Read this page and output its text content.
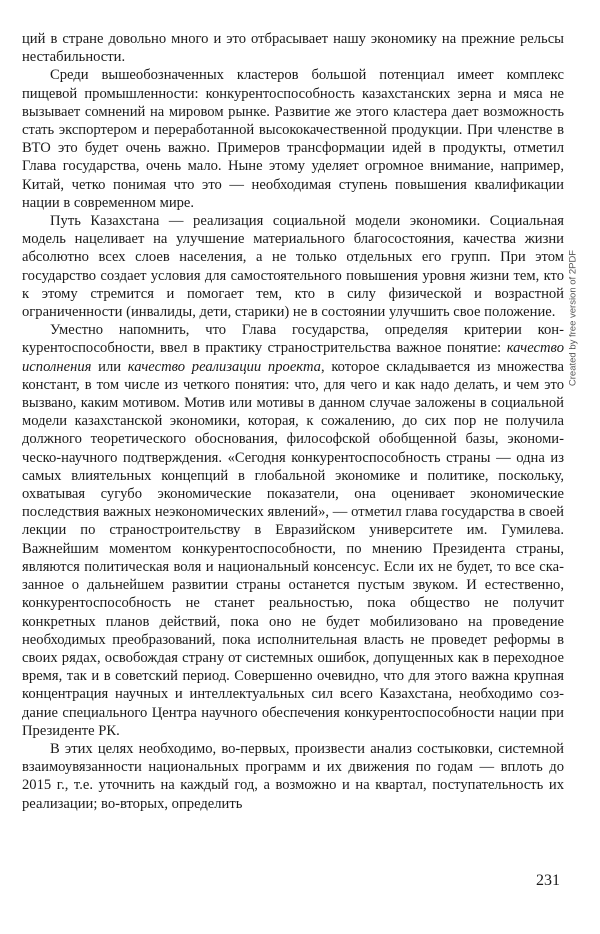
ций в стране довольно много и это отбрасывает нашу экономику на прежние рельсы нестабильности.

Среди вышеобозначенных кластеров большой потенциал имеет комплекс пищевой промышленности: конкурентоспособность казахстанских зерна и мяса не вызывает сомнений на мировом рынке. Развитие же этого кластера дает возможность стать экспортером и переработанной высококачественной продукции. При членстве в ВТО это будет очень важно. Примеров трансформации идей в продукты, отметил Глава государства, очень мало. Ныне этому уделяет огромное внимание, например, Китай, четко понимая что это — необходимая ступень повышения квалификации нации в современном мире.

Путь Казахстана — реализация социальной модели экономики. Социальная модель нацеливает на улучшение материального благосостояния, качества жизни абсолютно всех слоев населения, а не только отдельных его групп. При этом государство создает условия для самостоятельного повышения уровня жизни тем, кто к этому стремится и помогает тем, кто в силу физической и возрастной ограниченности (инвалиды, дети, старики) не в состоянии улучшить свое положение.

Уместно напомнить, что Глава государства, определяя критерии конкурентоспособности, ввел в практику странострительства важное понятие: качество исполнения или качество реализации проекта, которое складывается из множества констант, в том числе из четкого понятия: что, для чего и как надо делать, и чем это вызвано, каким мотивом. Мотив или мотивы в данном случае заложены в социальной модели казахстанской экономики, которая, к сожалению, до сих пор не получила должного теоретического обоснования, философской обобщенной базы, экономическо-научного подтверждения. «Сегодня конкурентоспособность страны — одна из самых влиятельных концепций в глобальной экономике и политике, поскольку, охватывая сугубо экономические показатели, она оценивает экономические последствия важных неэкономических явлений», — отметил глава государства в своей лекции по странострoительству в Евразийском университете им. Гумилева. Важнейшим моментом конкурентоспособности, по мнению Президента страны, являются политическая воля и национальный консенсус. Если их не будет, то все сказанное о дальнейшем развитии страны останется пустым звуком. И естественно, конкурентоспособность не станет реальностью, пока общество не получит конкретных планов действий, пока оно не будет мобилизовано на проведение необходимых преобразований, пока исполнительная власть не проведет реформы в своих рядах, освобождая страну от системных ошибок, допущенных как в переходное время, так и в советский период. Совершенно очевидно, что для этого важна крупная концентрация научных и интеллектуальных сил всего Казахстана, необходимо создание специального Центра научного обеспечения конкурентоспособности нации при Президенте РК.

В этих целях необходимо, во-первых, произвести анализ состыковки, системной взаимоувязанности национальных программ и их движения по годам — вплоть до 2015 г., т.е. уточнить на каждый год, а возможно и на квартал, поступательность их реализации; во-вторых, определить

231
Created by free version of 2PDF
